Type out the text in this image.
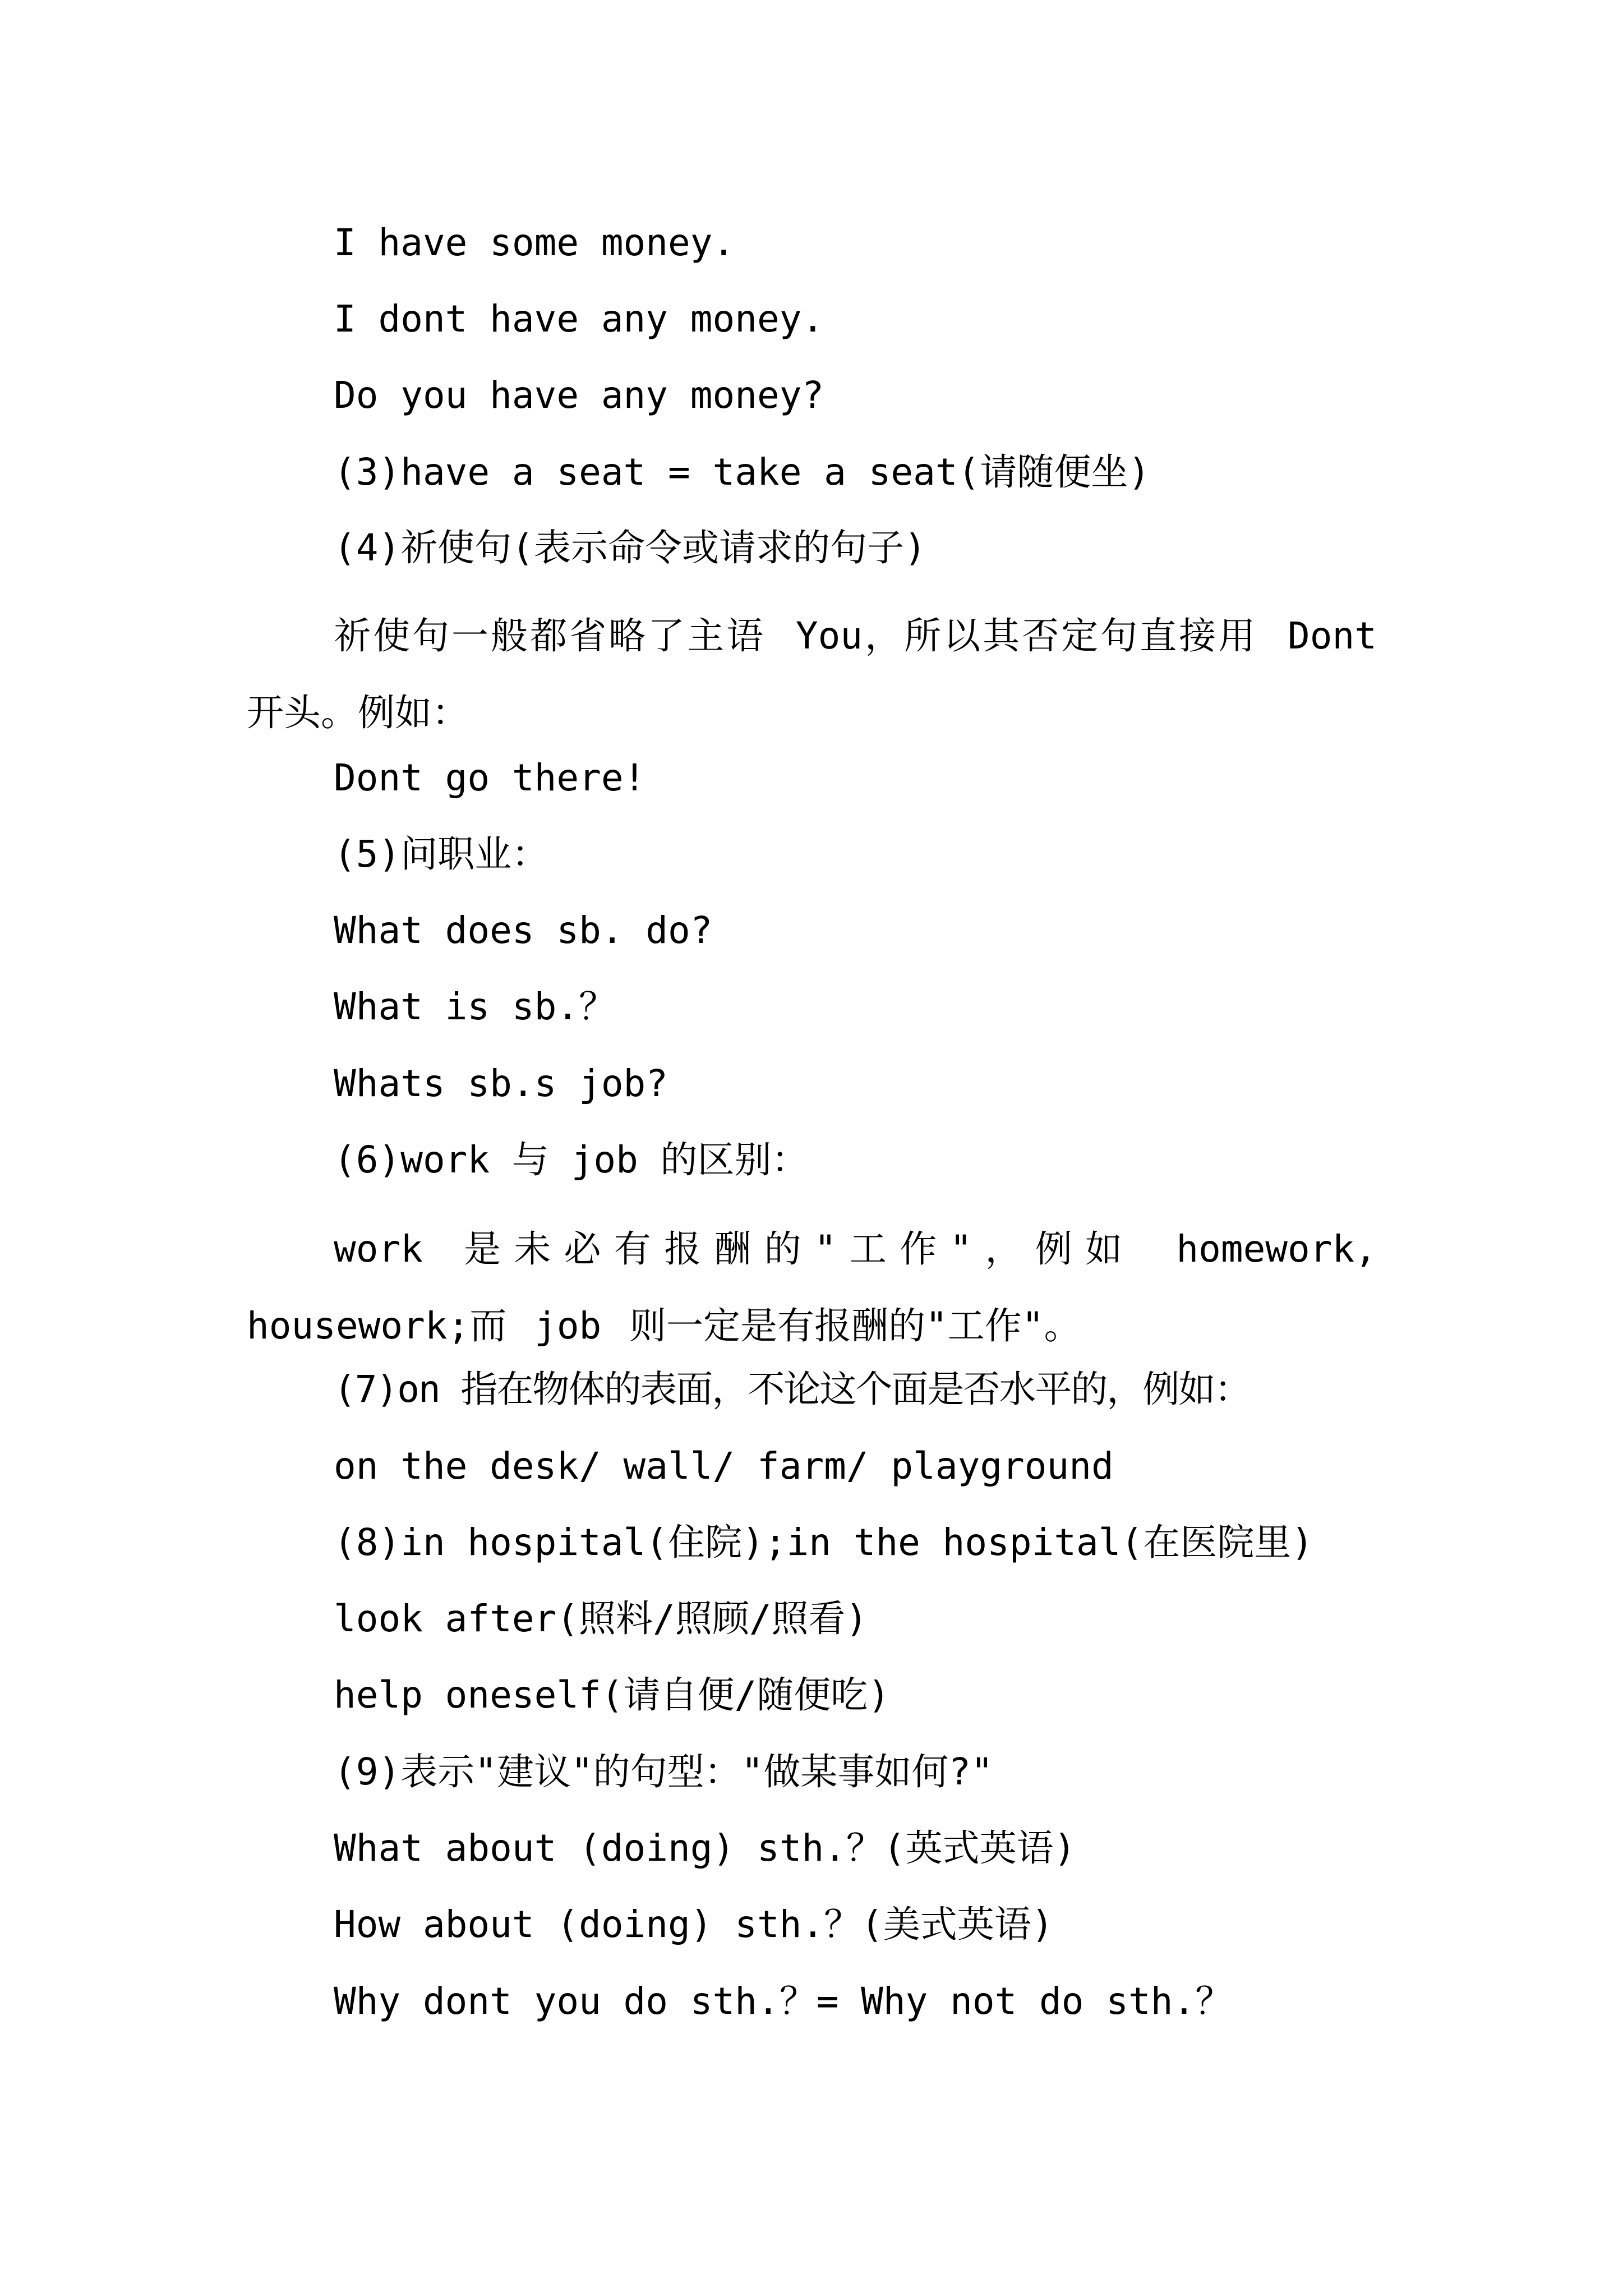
I have some money.

I dont have any money.

Do you have any money?

(3)have a seat = take a seat(请随便坐)

(4)祈使句(表示命令或请求的句子)

祈使句一般都省略了主语 You，所以其否定句直接用 Dont 开头。例如：

Dont go there!

(5)问职业：

What does sb. do?

What is sb.？

Whats sb.s job?

(6)work 与 job 的区别：

work 是未必有报酬的"工作"，例如 homework, housework;而 job 则一定是有报酬的"工作"。

(7)on 指在物体的表面，不论这个面是否水平的，例如：

on the desk/ wall/ farm/ playground

(8)in hospital(住院);in the hospital(在医院里)

look after(照料/照顾/照看)

help oneself(请自便/随便吃)

(9)表示"建议"的句型："做某事如何?"

What about (doing) sth.？(英式英语)

How about (doing) sth.？(美式英语)

Why dont you do sth.？= Why not do sth.？
